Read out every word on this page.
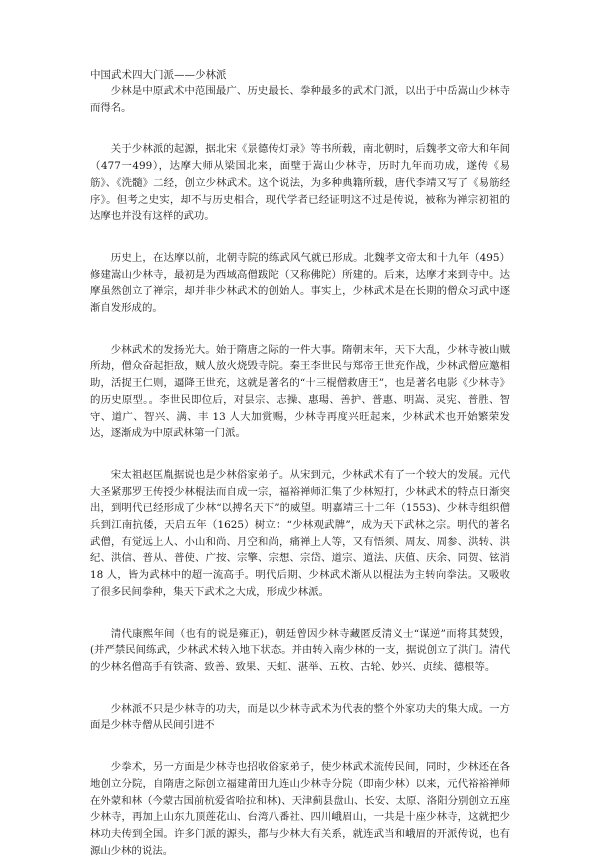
中国武术四大门派——少林派

少林是中原武术中范围最广、历史最长、拳种最多的武术门派，以出于中岳嵩山少林寺而得名。

关于少林派的起源，据北宋《景德传灯录》等书所载，南北朝时，后魏孝文帝大和年间（477一499），达摩大师从梁国北来，面壁于嵩山少林寺，历时九年而功成，遂传《易筋》、《洗髓》二经，创立少林武术。这个说法，为多种典籍所载，唐代李靖又写了《易筋经序》。但考之史实，却不与历史相合，现代学者已经证明这不过是传说，被称为禅宗初祖的达摩也并没有这样的武功。

历史上，在达摩以前，北朝寺院的练武风气就已形成。北魏孝文帝太和十九年（495）修建嵩山少林寺，最初是为西域高僧跋陀（又称佛陀）所建的。后来，达摩才来到寺中。达摩虽然创立了禅宗，却并非少林武术的创始人。事实上，少林武术是在长期的僧众习武中逐渐自发形成的。

少林武术的发扬光大。始于隋唐之际的一件大事。隋朝末年，天下大乱，少林寺被山贼所劫，僧众奋起拒敌，贼人放火烧毁寺院。秦王李世民与郑帝王世充作战，少林武僧应邀相助，活捉王仁则，逼降王世充，这就是著名的“十三棍僧救唐王”，也是著名电影《少林寺》的历史原型。。李世民即位后，对昙宗、志操、惠瑒、善护、普惠、明嵩、灵宪、普胜、智守、道广、智兴、满、丰 13 人大加赏赐，少林寺再度兴旺起来，少林武术也开始繁荣发达，逐渐成为中原武林第一门派。

宋太祖赵匡胤据说也是少林俗家弟子。从宋到元，少林武术有了一个较大的发展。元代大圣紧那罗王传授少林棍法而自成一宗，福裕禅师汇集了少林短打，少林武术的特点日渐突出，到明代已经形成了少林“以搏名天下”的威望。明嘉靖三十二年（1553)、少林寺组织僧兵到江南抗倭，天启五年（1625）树立：“少林观武牌”，成为天下武林之宗。明代的著名武僧，有觉远上人、小山和尚、月空和尚，痛禅上人等，又有悟须、周友、周参、洪转、洪纪、洪信、普从、普使、广按、宗擎、宗想、宗岱、道宗、道法、庆值、庆余、同贺、铉消 18 人，皆为武林中的超一流高手。明代后期、少林武术渐从以棍法为主转向拳法。又吸收了很多民间拳种，集天下武术之大成，形成少林派。

清代康熙年间（也有的说是雍正)，朝廷曾因少林寺藏匿反清义士“谋逆”而将其焚毁，(并严禁民间练武，少林武术转入地下状态。并由转入南少林的一支，据说创立了洪门。清代的少林名僧高手有铁斋、致善、致果、天虹、湛举、五枚、古轮、妙兴、贞续、德根等。

少林派不只是少林寺的功夫，而是以少林寺武术为代表的整个外家功夫的集大成。一方面是少林寺僧从民间引进不

少拳术，另一方面是少林寺也招收俗家弟子，使少林武术流传民间，同时，少林还在各地创立分院，自隋唐之际创立福建莆田九连山少林寺分院（即南少林）以来，元代裕裕禅师在外蒙和林（今蒙古国前杭爱省哈拉和林)、天津蓟县盘山、长安、太原、洛阳分别创立五座少林寺，再加上山东九顶莲花山、台湾八番社、四川峨眉山，一共是十座少林寺，这就把少林功夫传到全国。许多门派的源头，都与少林大有关系，就连武当和峨眉的开派传说，也有源山少林的说法。
